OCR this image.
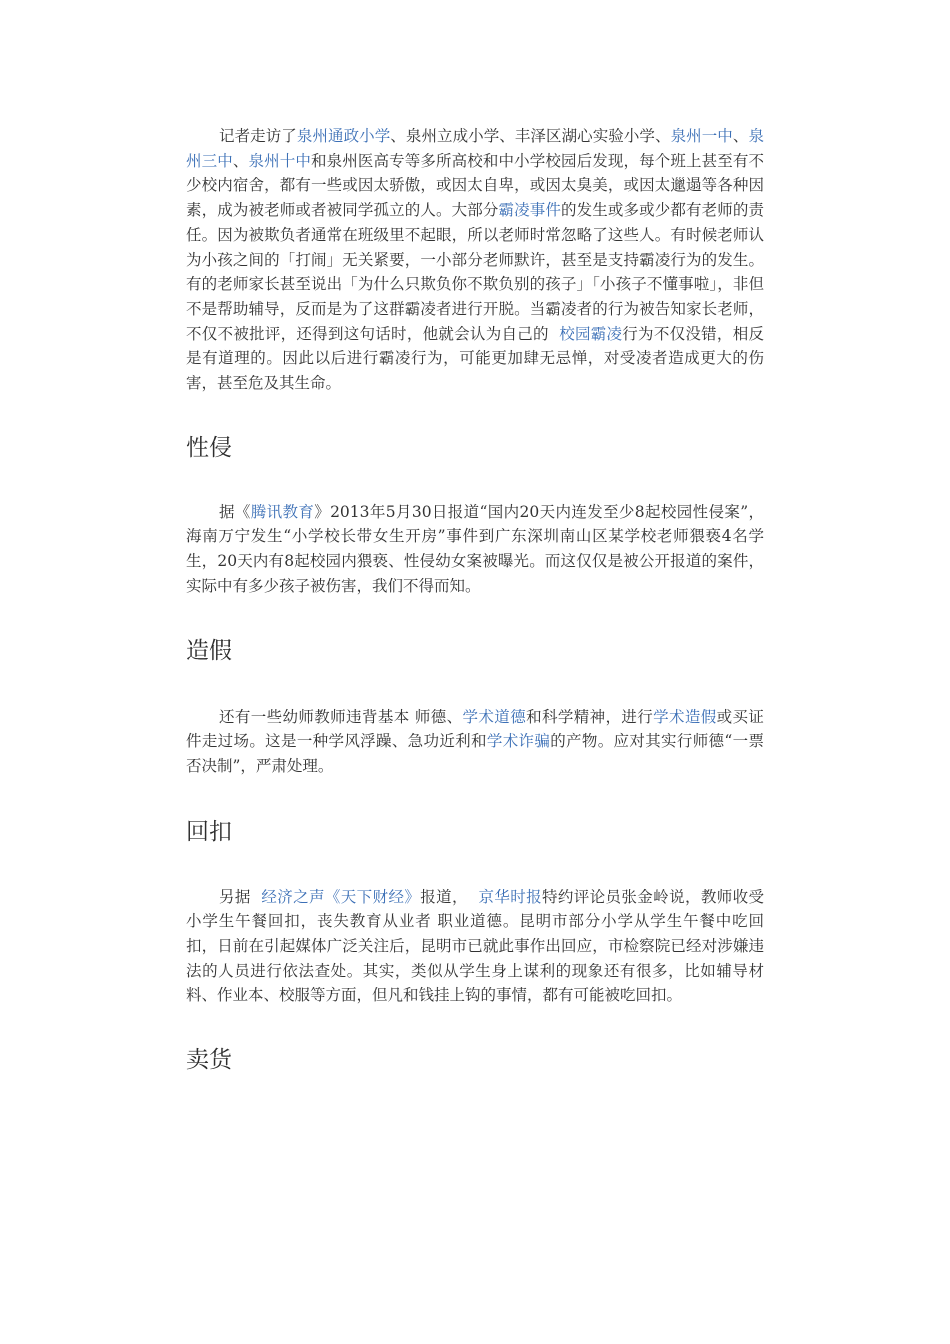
记者走访了泉州通政小学、泉州立成小学、丰泽区湖心实验小学、泉州一中、泉州三中、泉州十中和泉州医高专等多所高校和中小学校园后发现，每个班上甚至有不少校内宿舍，都有一些或因太骄傲，或因太自卑，或因太臭美，或因太邋遢等各种因素，成为被老师或者被同学孤立的人。大部分霸凌事件的发生或多或少都有老师的责任。因为被欺负者通常在班级里不起眼，所以老师时常忽略了这些人。有时候老师认为小孩之间的「打闹」无关紧要，一小部分老师默许，甚至是支持霸凌行为的发生。有的老师家长甚至说出「为什么只欺负你不欺负别的孩子」「小孩子不懂事啦」，非但不是帮助辅导，反而是为了这群霸凌者进行开脱。当霸凌者的行为被告知家长老师，不仅不被批评，还得到这句话时，他就会认为自己的  校园霸凌行为不仅没错，相反是有道理的。因此以后进行霸凌行为，可能更加肆无忌惮，对受凌者造成更大的伤害，甚至危及其生命。

性侵

据《腾讯教育》2013年5月30日报道“国内20天内连发至少8起校园性侵案”，海南万宁发生“小学校长带女生开房”事件到广东深圳南山区某学校老师猥亵4名学生，20天内有8起校园内猥亵、性侵幼女案被曝光。而这仅仅是被公开报道的案件，实际中有多少孩子被伤害，我们不得而知。

造假

还有一些幼师教师违背基本 师德、学术道德和科学精神，进行学术造假或买证件走过场。这是一种学风浮躁、急功近利和学术诈骗的产物。应对其实行师德“一票否决制”，严肃处理。

回扣

另据  经济之声《天下财经》报道，  京华时报特约评论员张金岭说，教师收受小学生午餐回扣，丧失教育从业者 职业道德。昆明市部分小学从学生午餐中吃回扣，日前在引起媒体广泛关注后，昆明市已就此事作出回应，市检察院已经对涉嫌违法的人员进行依法查处。其实，类似从学生身上谋利的现象还有很多，比如辅导材料、作业本、校服等方面，但凡和钱挂上钩的事情，都有可能被吃回扣。

卖货
